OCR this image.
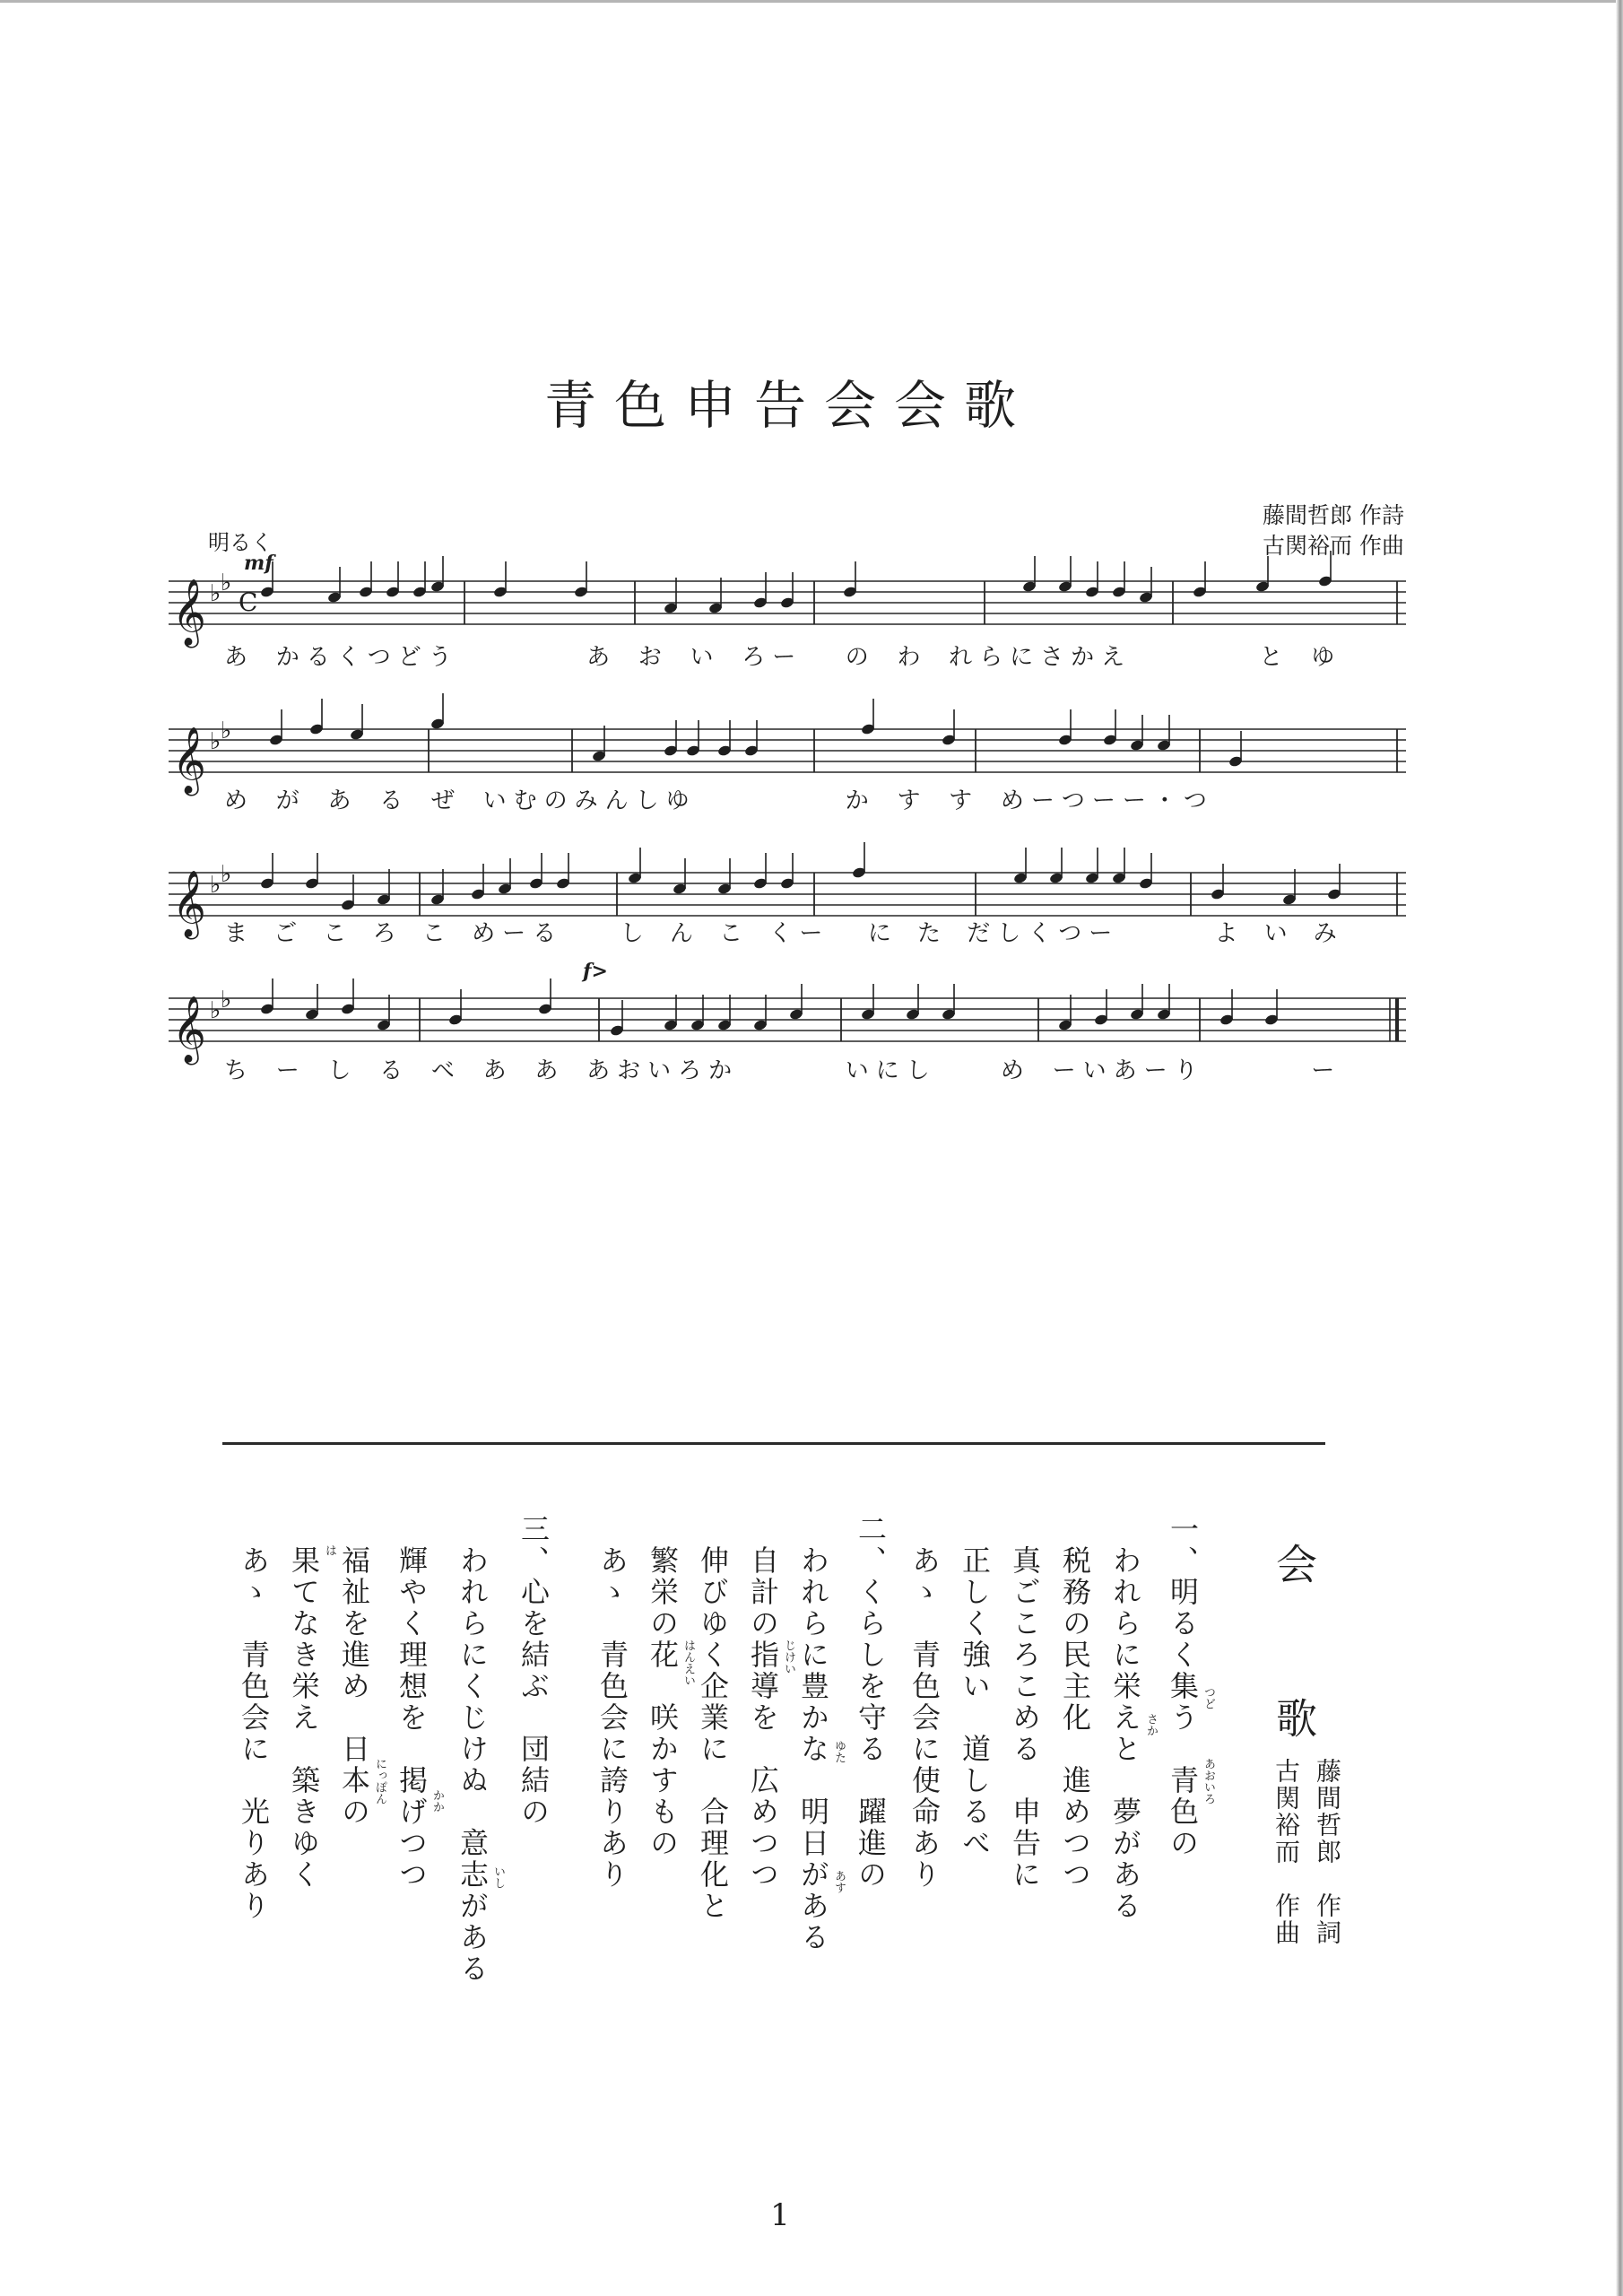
青色申告会会歌
藤間哲郎 作詩
古関裕而 作曲
明るく
mf
f>
𝄞 ♭ ♭
C
あ かるくつどう	あ お い ろー の わ れらにさかえ	と ゆ
𝄞 ♭ ♭
め が あ る ぜ いむのみんしゆ	か す す めーつーー・つ
𝄞 ♭ ♭
ま ご こ ろ こ めーる し ん こ くー に た だしくつー	よ い み
𝄞 ♭ ♭
ち ー し る ベ あ あ あおいろか	いにし	め ーいあーり	ー
会　歌
藤間哲郎　作詞
古関裕而　作曲
一、明るく集う　青色の
　われらに栄えと　夢がある
　税務の民主化　進めつつ
　真ごころこめる　申告に
　正しく強い　道しるべ
　あゝ　青色会に使命あり
二、くらしを守る　躍進の
　われらに豊かな　明日がある
　自計の指導を　広めつつ
　伸びゆく企業に　合理化と
　繁栄の花　咲かすもの
　あゝ　青色会に誇りあり
三、心を結ぶ　団結の
　われらにくじけぬ　意志がある
　輝やく理想を　掲げつつ
　福祉を進め　日本の
　果てなき栄え　築きゆく
　あゝ　青色会に　光りあり	つど
あおいろ
さか
ゆた
あす
じけい
はんえい
いし
かか
にっぽん
は
1
